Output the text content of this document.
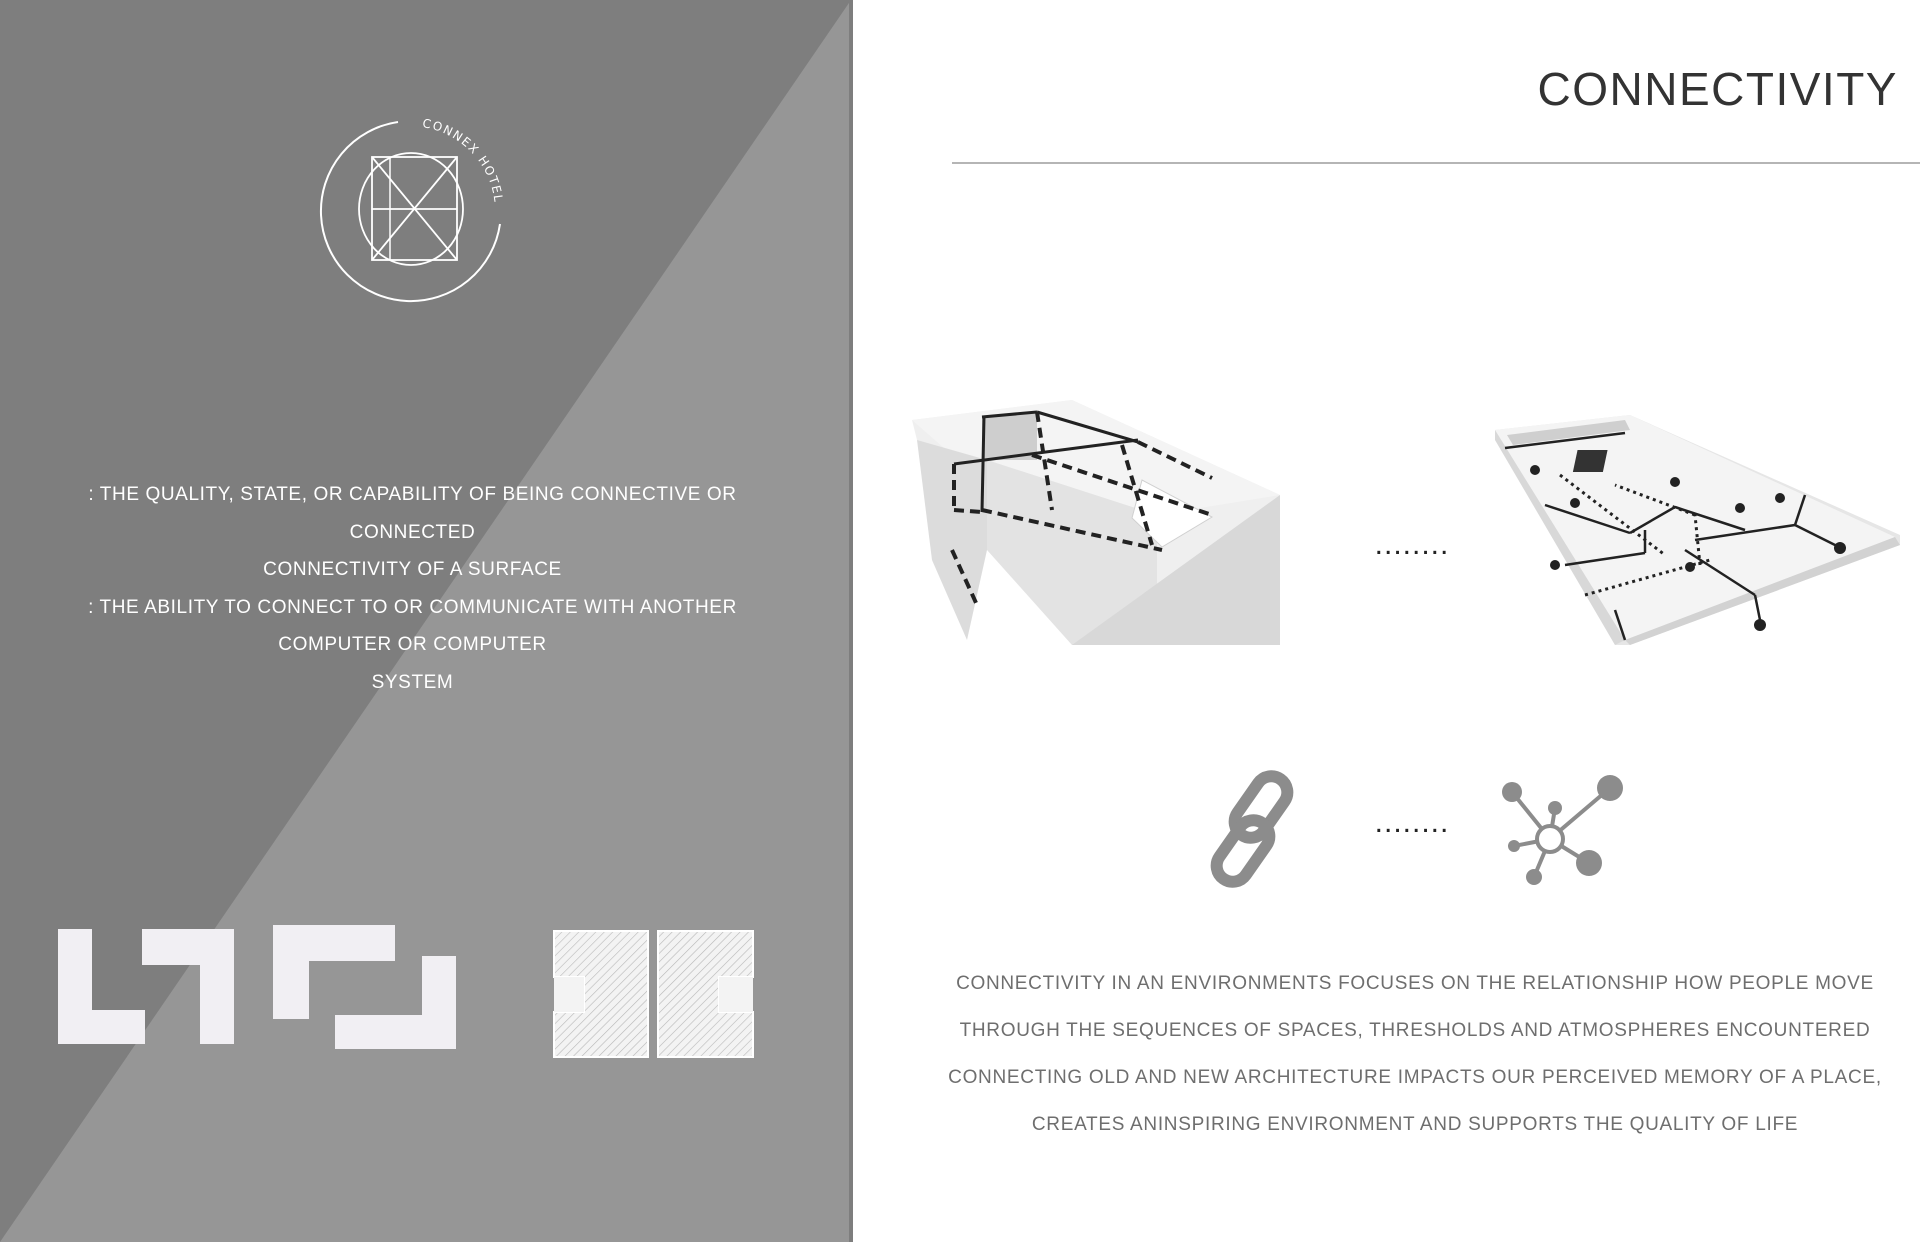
CONNEX HOTEL
: THE QUALITY, STATE, OR CAPABILITY OF BEING CONNECTIVE OR
CONNECTED
CONNECTIVITY OF A SURFACE
: THE ABILITY TO CONNECT TO OR COMMUNICATE WITH ANOTHER
COMPUTER OR COMPUTER
SYSTEM
CONNECTIVITY
........
........
CONNECTIVITY IN AN ENVIRONMENTS FOCUSES ON THE RELATIONSHIP HOW PEOPLE MOVE
THROUGH THE SEQUENCES OF SPACES, THRESHOLDS AND ATMOSPHERES ENCOUNTERED
CONNECTING OLD AND NEW ARCHITECTURE IMPACTS OUR PERCEIVED MEMORY OF A PLACE,
CREATES ANINSPIRING ENVIRONMENT AND SUPPORTS THE QUALITY OF LIFE
